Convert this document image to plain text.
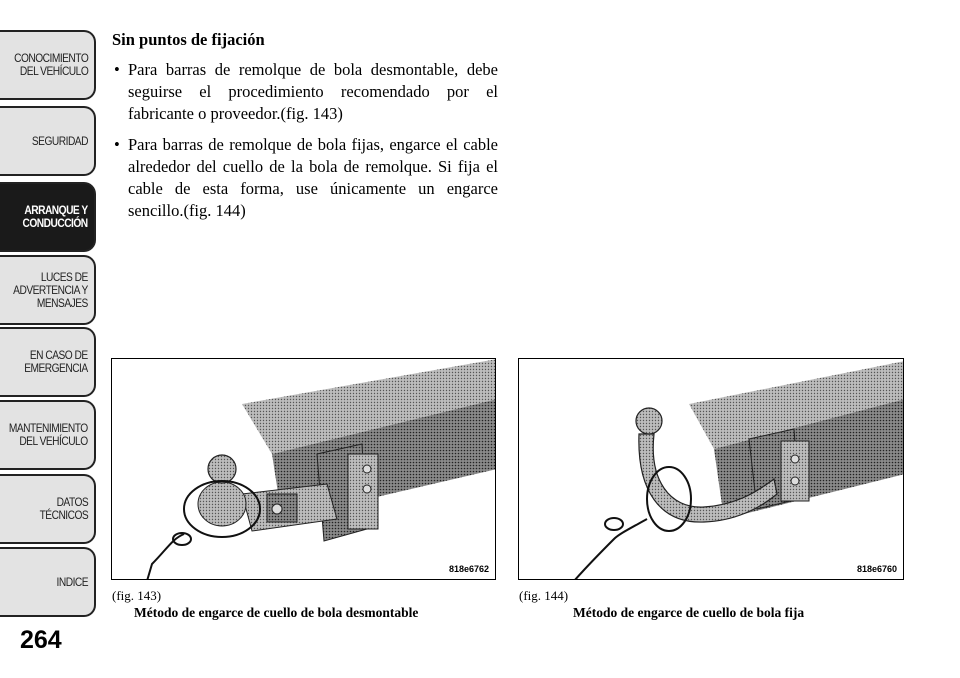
CONOCIMIENTO
DEL VEHÍCULO
SEGURIDAD
ARRANQUE Y
CONDUCCIÓN
LUCES DE
ADVERTENCIA Y
MENSAJES
EN CASO DE
EMERGENCIA
MANTENIMIENTO
DEL VEHÍCULO
DATOS
TÉCNICOS
INDICE
264
Sin puntos de fijación
• Para barras de remolque de bola desmontable, debe seguirse el procedimiento recomendado por el fabricante o proveedor.(fig. 143)
• Para barras de remolque de bola fijas, engarce el cable alrededor del cuello de la bola de remolque. Si fija el cable de esta forma, use únicamente un engarce sencillo.(fig. 144)
818e6762
(fig. 143)
Método de engarce de cuello de bola desmontable
818e6760
(fig. 144)
Método de engarce de cuello de bola fija
